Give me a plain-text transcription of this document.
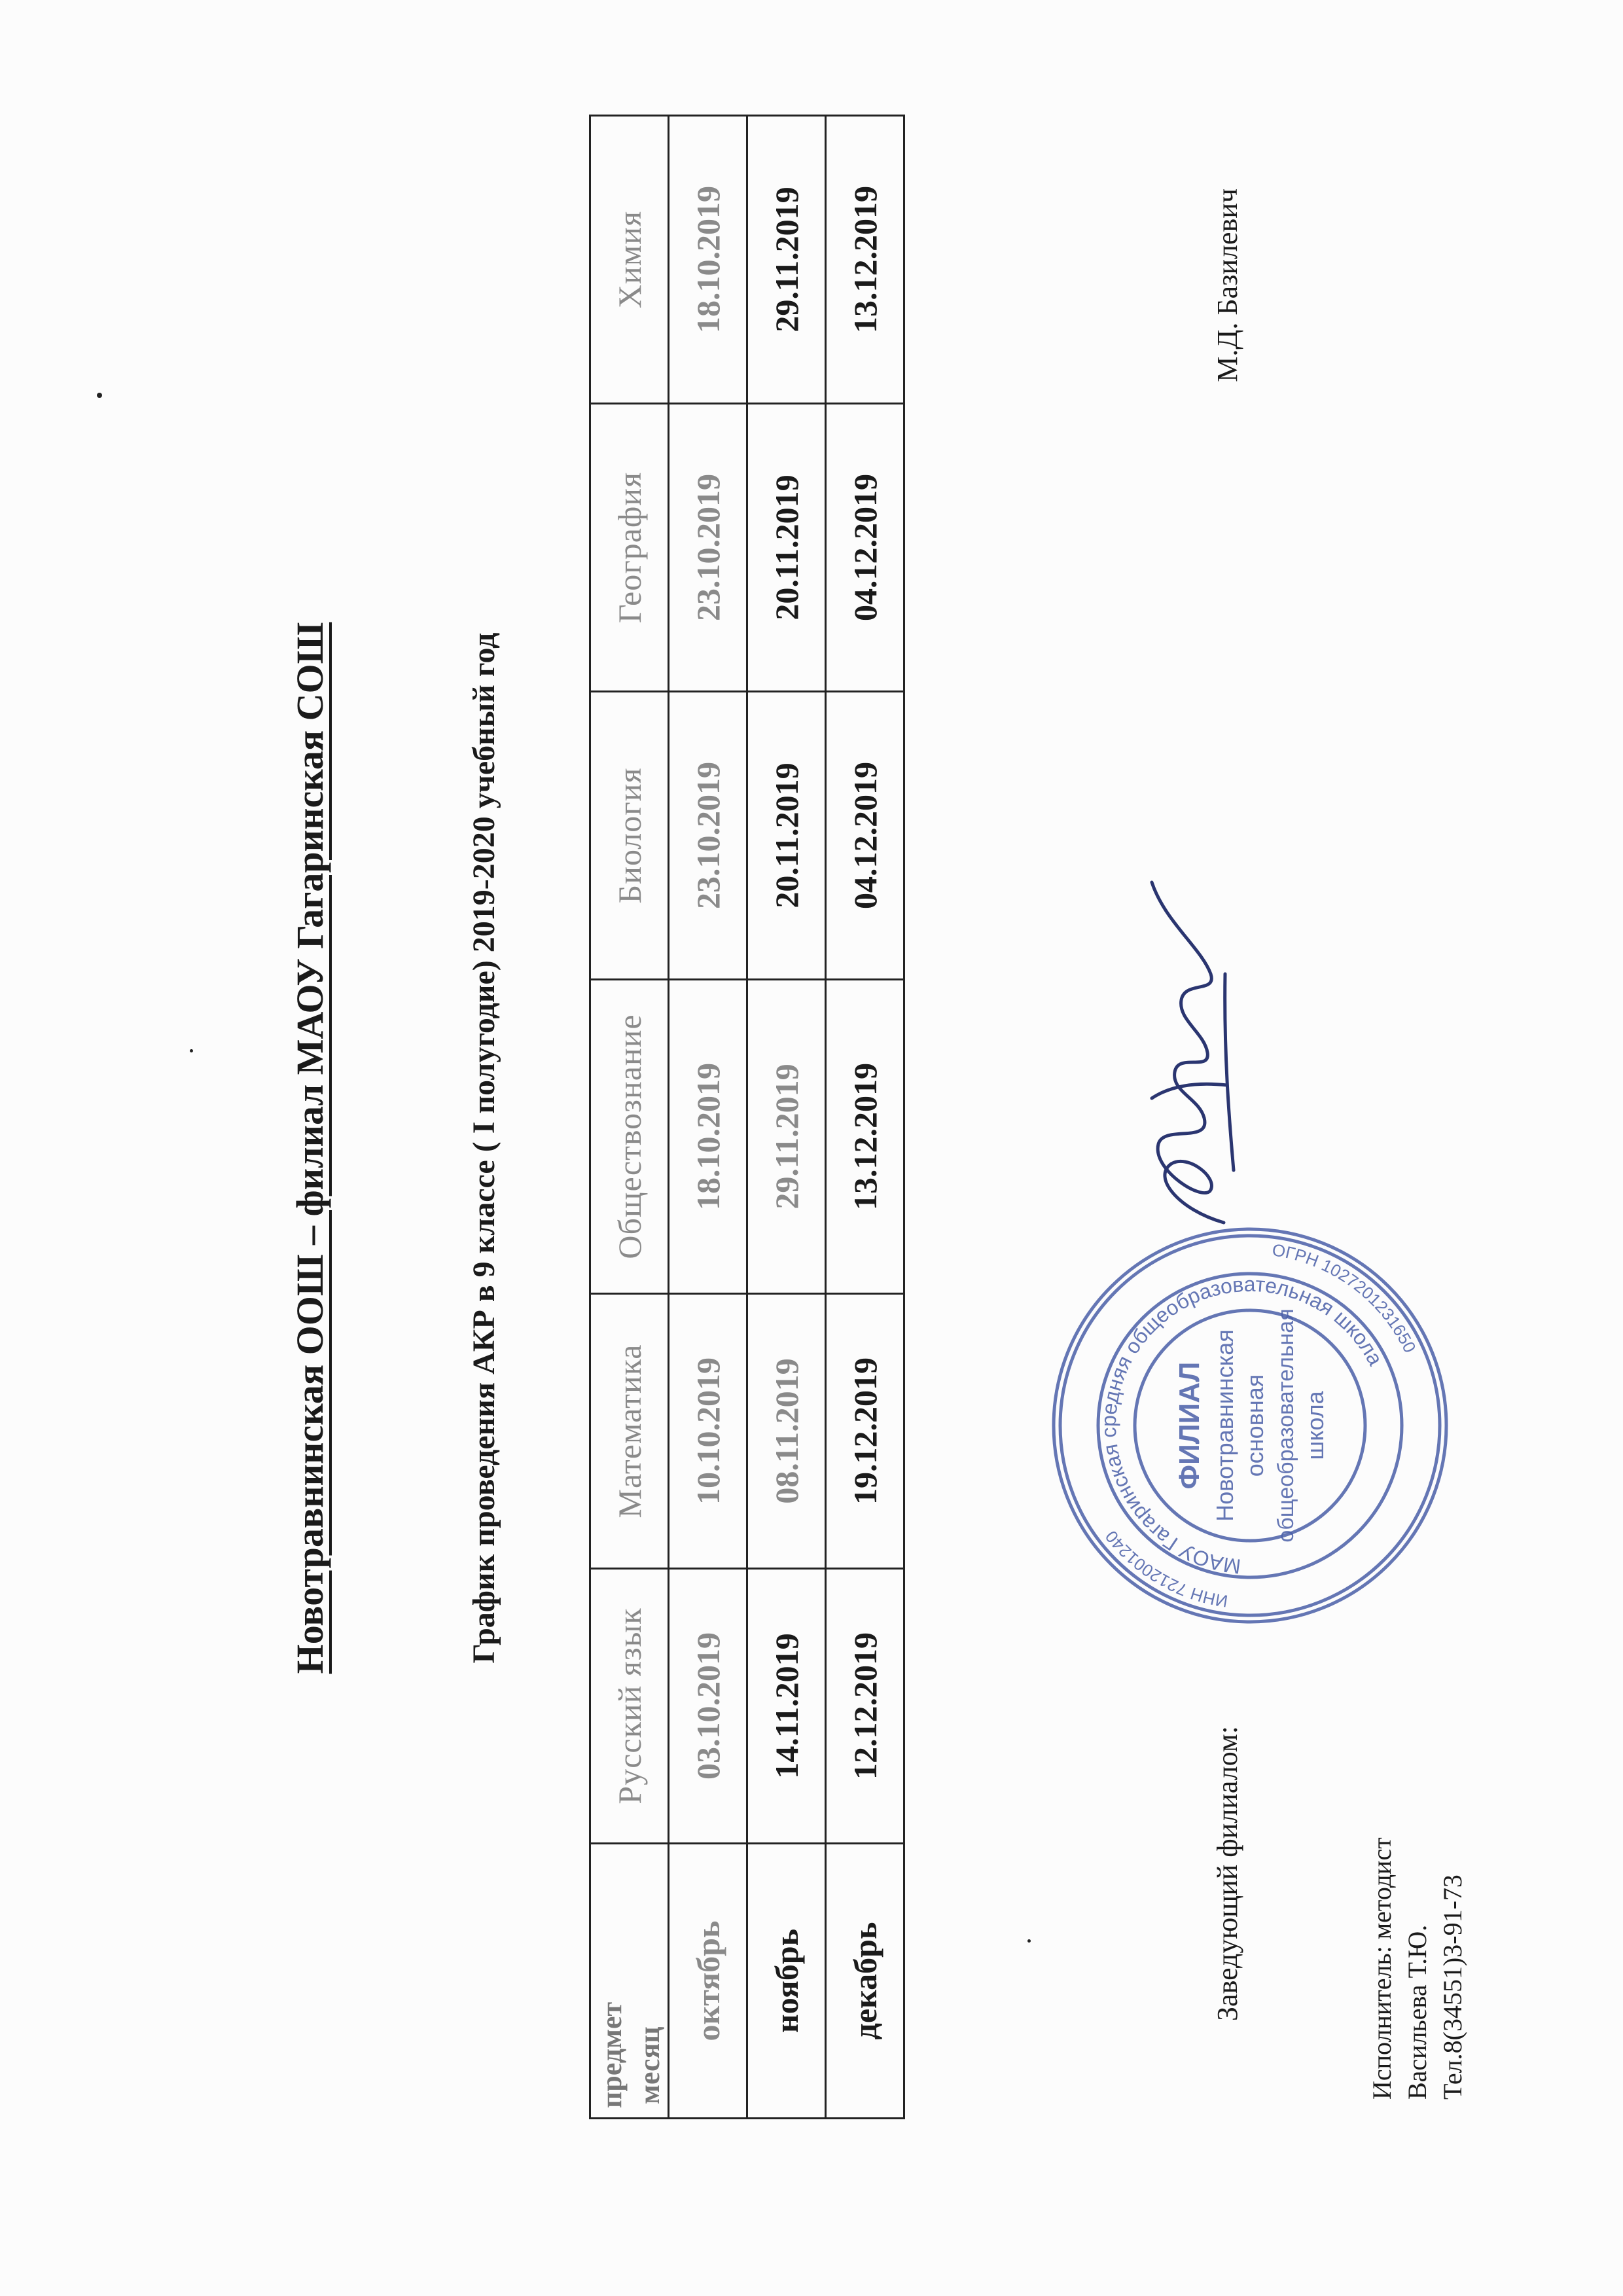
Новотравнинская ООШ – филиал МАОУ Гагаринская СОШ	График проведения АКР в 9 классе ( I полугодие) 2019-2020 учебный год
предмет месяц	Русский язык	Математика	Обществознание	Биология	География	Химия
октябрь	03.10.2019	10.10.2019	18.10.2019	23.10.2019	23.10.2019	18.10.2019
ноябрь	14.11.2019	08.11.2019	29.11.2019	20.11.2019	20.11.2019	29.11.2019
декабрь	12.12.2019	19.12.2019	13.12.2019	04.12.2019	04.12.2019	13.12.2019
Заведующий филиалом:
М.Д. Базилевич
ИНН 7212001240
МАОУ Гагаринская средняя общеобразовательная школа
ОГРН 1027201231650
ФИЛИАЛ Новотравнинская основная общеобразовательная школа
Исполнитель: методист Васильева Т.Ю. Тел.8(34551)3-91-73
